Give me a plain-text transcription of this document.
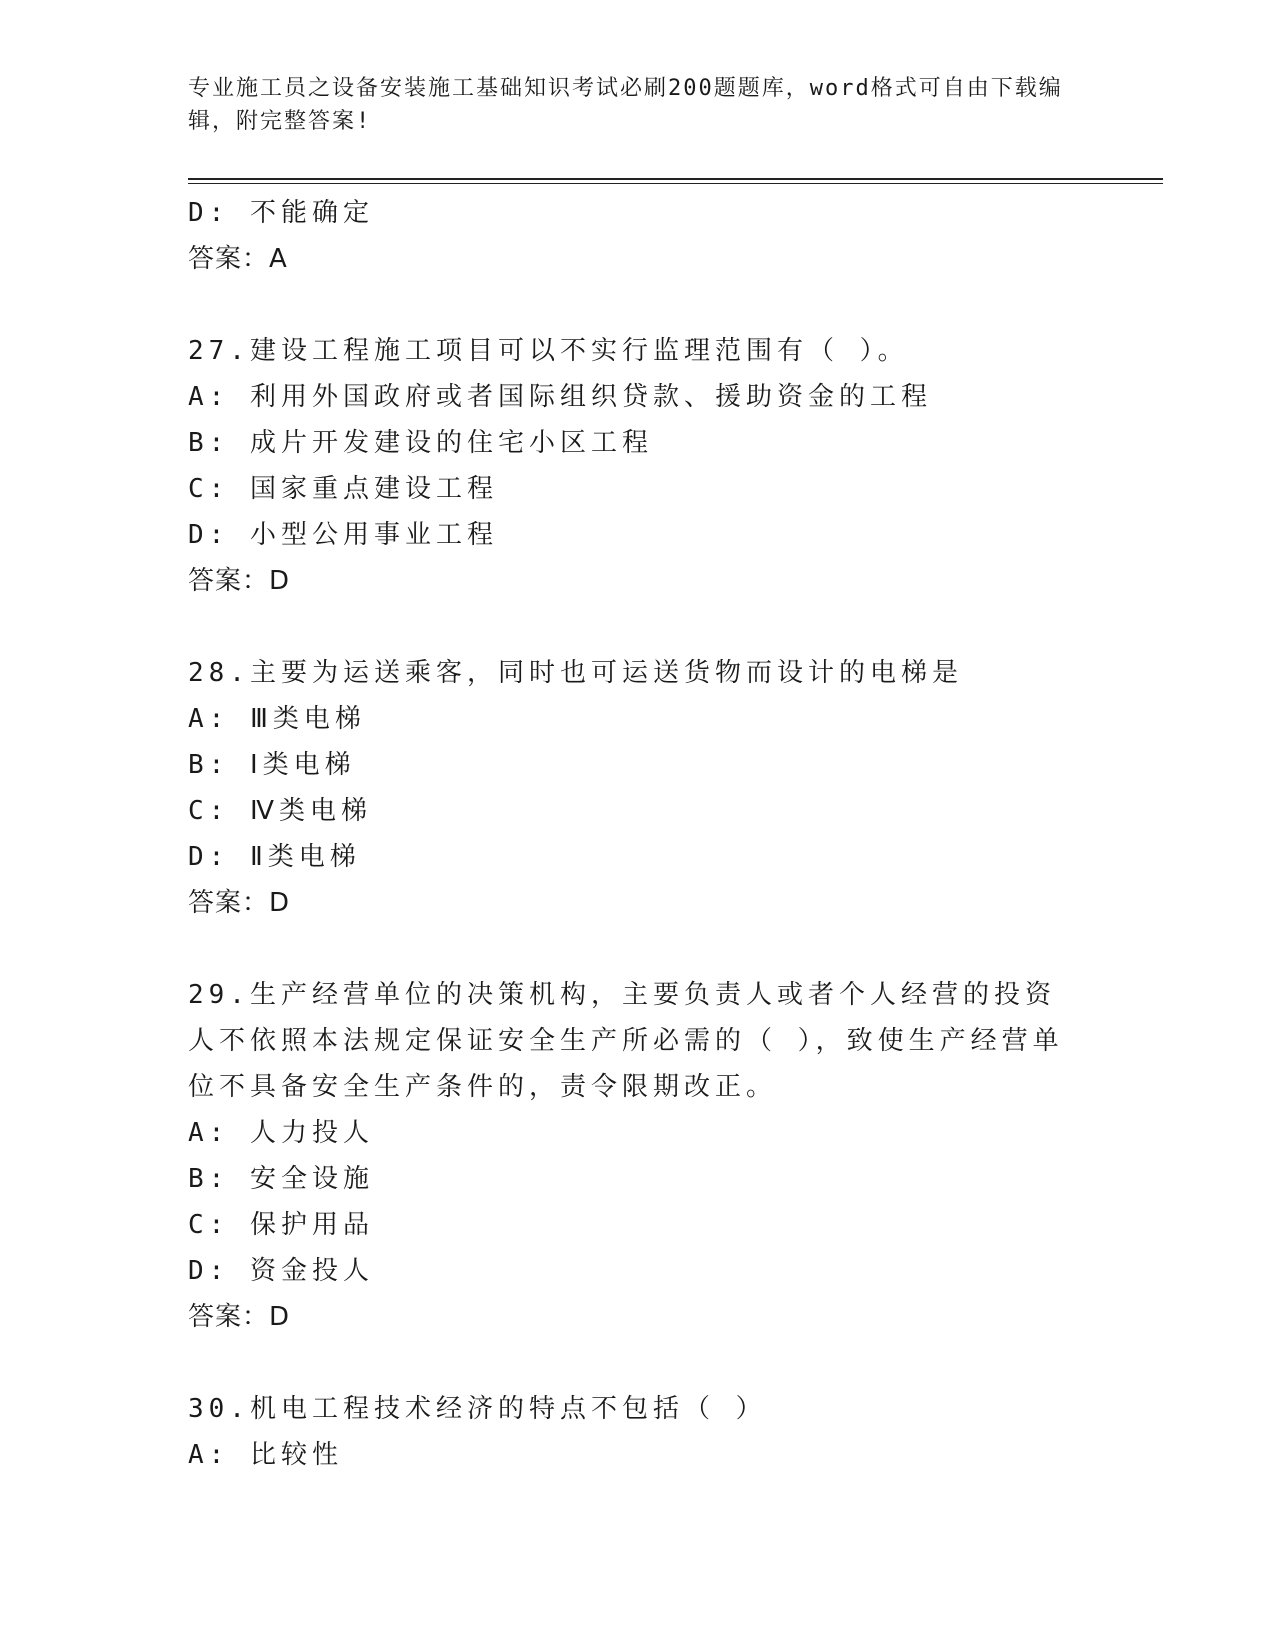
专业施工员之设备安装施工基础知识考试必刷200题题库，word格式可自由下载编辑，附完整答案!
D: 不能确定
答案：A
27.建设工程施工项目可以不实行监理范围有（ ）。
A: 利用外国政府或者国际组织贷款、援助资金的工程
B: 成片开发建设的住宅小区工程
C: 国家重点建设工程
D: 小型公用事业工程
答案：D
28.主要为运送乘客，同时也可运送货物而设计的电梯是
A: Ⅲ类电梯
B: Ⅰ类电梯
C: Ⅳ类电梯
D: Ⅱ类电梯
答案：D
29.生产经营单位的决策机构，主要负责人或者个人经营的投资人不依照本法规定保证安全生产所必需的（ ），致使生产经营单位不具备安全生产条件的，责令限期改正。
A: 人力投人
B: 安全设施
C: 保护用品
D: 资金投人
答案：D
30.机电工程技术经济的特点不包括（ ）
A: 比较性
